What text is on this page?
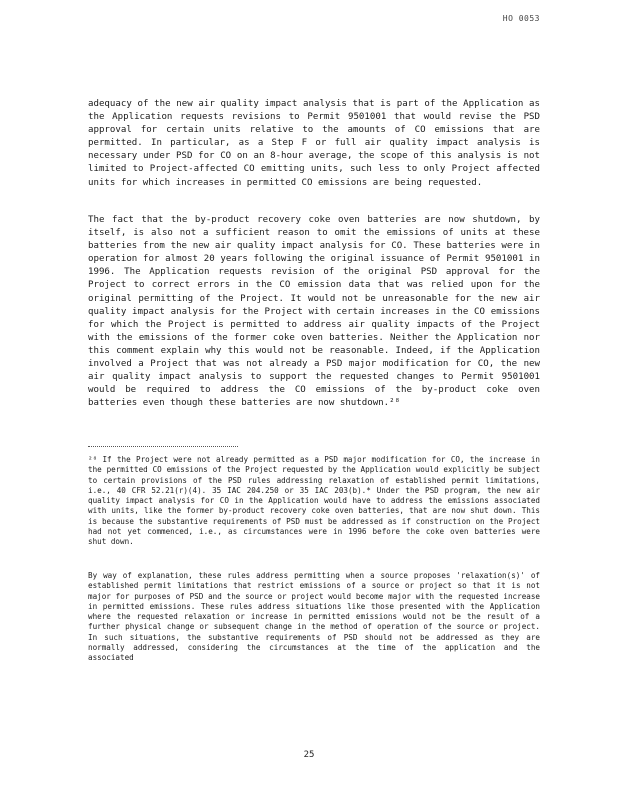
HO 0053

adequacy of the new air quality impact analysis that is part of the Application as the Application requests revisions to Permit 9501001 that would revise the PSD approval for certain units relative to the amounts of CO emissions that are permitted. In particular, as a Step F or full air quality impact analysis is necessary under PSD for CO on an 8-hour average, the scope of this analysis is not limited to Project-affected CO emitting units, such less to only Project affected units for which increases in permitted CO emissions are being requested.

The fact that the by-product recovery coke oven batteries are now shutdown, by itself, is also not a sufficient reason to omit the emissions of units at these batteries from the new air quality impact analysis for CO. These batteries were in operation for almost 20 years following the original issuance of Permit 9501001 in 1996. The Application requests revision of the original PSD approval for the Project to correct errors in the CO emission data that was relied upon for the original permitting of the Project. It would not be unreasonable for the new air quality impact analysis for the Project with certain increases in the CO emissions for which the Project is permitted to address air quality impacts of the Project with the emissions of the former coke oven batteries. Neither the Application nor this comment explain why this would not be reasonable. Indeed, if the Application involved a Project that was not already a PSD major modification for CO, the new air quality impact analysis to support the requested changes to Permit 9501001 would be required to address the CO emissions of the by-product coke oven batteries even though these batteries are now shutdown.²⁸

²⁸ If the Project were not already permitted as a PSD major modification for CO, the increase in the permitted CO emissions of the Project requested by the Application would explicitly be subject to certain provisions of the PSD rules addressing relaxation of established permit limitations, i.e., 40 CFR 52.21(r)(4). 35 IAC 204.250 or 35 IAC 203(b).* Under the PSD program, the new air quality impact analysis for CO in the Application would have to address the emissions associated with units, like the former by-product recovery coke oven batteries, that are now shut down. This is because the substantive requirements of PSD must be addressed as if construction on the Project had not yet commenced, i.e., as circumstances were in 1996 before the coke oven batteries were shut down.

By way of explanation, these rules address permitting when a source proposes 'relaxation(s)' of established permit limitations that restrict emissions of a source or project so that it is not major for purposes of PSD and the source or project would become major with the requested increase in permitted emissions. These rules address situations like those presented with the Application where the requested relaxation or increase in permitted emissions would not be the result of a further physical change or subsequent change in the method of operation of the source or project. In such situations, the substantive requirements of PSD should not be addressed as they are normally addressed, considering the circumstances at the time of the application and the associated

25
